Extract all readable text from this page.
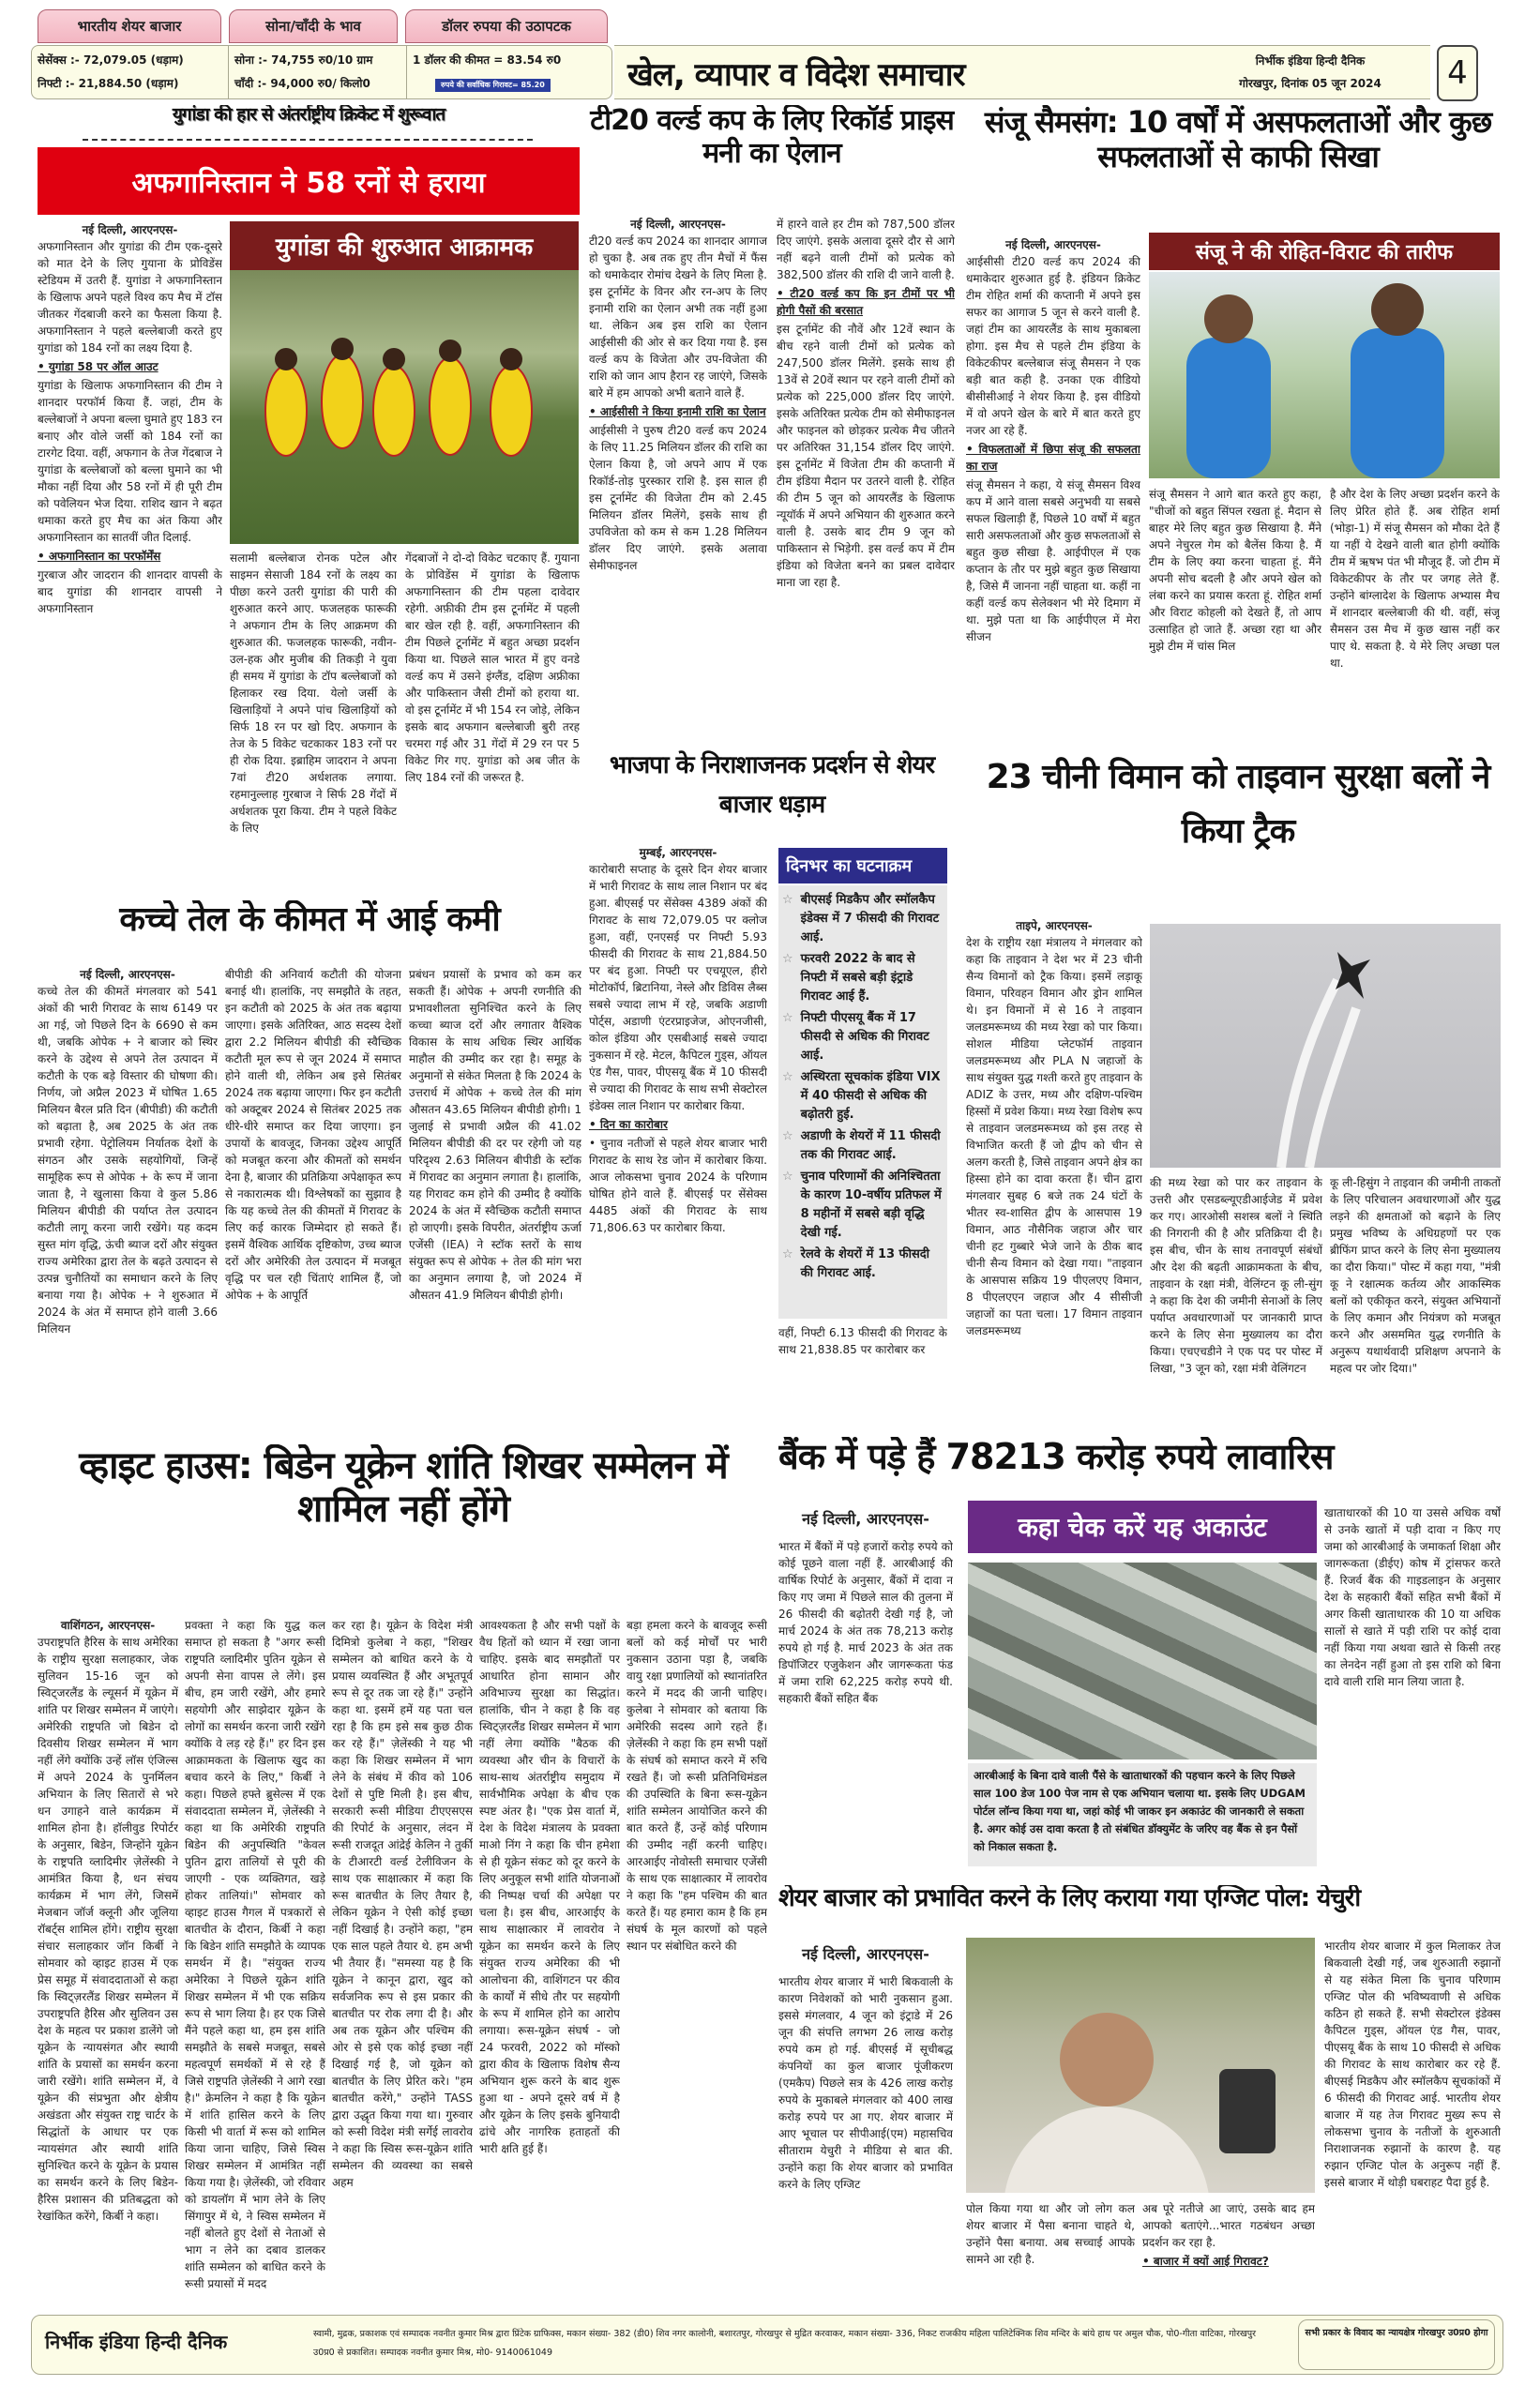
भारतीय शेयर बाजार	सोना/चाँदी के भाव	डॉलर रुपया की उठापटक
सेसेंक्स :- 72,079.05 (धड़ाम)
निफ्टी :- 21,884.50 (धड़ाम)
सोना :- 74,755 रु0/10 ग्राम
चाँदी :- 94,000 रु0/ किलो0
1 डॉलर की कीमत = 83.54 रु0
रुपये की सर्वाधिक गिरावट= 85.20	खेल, व्यापार व विदेश समाचार	निर्भीक इंडिया हिन्दी दैनिक
गोरखपुर, दिनांक 05 जून 2024	4
युगांडा की हार से अंतर्राष्ट्रीय क्रिकेट में शुरूवात
अफगानिस्तान ने 58 रनों से हराया
युगांडा की शुरुआत आक्रामक
नई दिल्ली, आरएनएस-
अफगानिस्तान और युगांडा की टीम एक-दूसरे को मात देने के लिए गुयाना के प्रोविडेंस स्टेडियम में उतरी हैं. युगांडा ने अफगानिस्तान के खिलाफ अपने पहले विश्व कप मैच में टॉस जीतकर गेंदबाजी करने का फैसला किया है. अफगानिस्तान ने पहले बल्लेबाजी करते हुए युगांडा को 184 रनों का लक्ष्य दिया है.
• युगांडा 58 पर ऑल आउट
युगांडा के खिलाफ अफगानिस्तान की टीम ने शानदार परफॉर्म किया हैं. जहां, टीम के बल्लेबाजों ने अपना बल्ला घुमाते हुए 183 रन बनाए और वोले जर्सी को 184 रनों का टारगेट दिया. वहीं, अफगान के तेज गेंदबाज ने युगांडा के बल्लेबाजों को बल्ला घुमाने का भी मौका नहीं दिया और 58 रनों में ही पूरी टीम को पवेलियन भेज दिया. राशिद खान ने बढ़त धमाका करते हुए मैच का अंत किया और अफगानिस्तान का सातवीं जीत दिलाई.
• अफगानिस्तान का परफॉर्मेंस
गुरबाज और जादरान की शानदार वापसी के बाद युगांडा की शानदार वापसी ने अफगानिस्तान
सलामी बल्लेबाज रोनक पटेल और साइमन सेसाजी 184 रनों के लक्ष्य का पीछा करने उतरी युगांडा की पारी की शुरुआत करने आए. फजलहक फारूकी ने अफगान टीम के लिए आक्रमण की शुरुआत की. फजलहक फारूकी, नवीन-उल-हक और मुजीब की तिकड़ी ने युवा ही समय में युगांडा के टॉप बल्लेबाजों को हिलाकर रख दिया. येलो जर्सी के खिलाड़ियों ने अपने पांच खिलाड़ियों को सिर्फ 18 रन पर खो दिए. अफगान के तेज के 5 विकेट चटकाकर 183 रनों पर ही रोक दिया. इब्राहिम जादरान ने अपना 7वां टी20 अर्धशतक लगाया. रहमानुल्लाह गुरबाज ने सिर्फ 28 गेंदों में अर्धशतक पूरा किया. टीम ने पहले विकेट के लिए
गेंदबाजों ने दो-दो विकेट चटकाए हैं. गुयाना के प्रोविडेंस में युगांडा के खिलाफ अफगानिस्तान की टीम पहला दावेदार रहेगी. अफ़ीकी टीम इस टूर्नामेंट में पहली बार खेल रही है. वहीं, अफगानिस्तान की टीम पिछले टूर्नामेंट में बहुत अच्छा प्रदर्शन किया था. पिछले साल भारत में हुए वनडे वर्ल्ड कप में उसने इंग्लैंड, दक्षिण अफ्रीका और पाकिस्तान जैसी टीमों को हराया था. वो इस टूर्नामेंट में भी 154 रन जोड़े, लेकिन इसके बाद अफगान बल्लेबाजी बुरी तरह चरमरा गई और 31 गेंदों में 29 रन पर 5 विकेट गिर गए. युगांडा को अब जीत के लिए 184 रनों की जरूरत है.
टी20 वर्ल्ड कप के लिए रिकॉर्ड प्राइस मनी का ऐलान
नई दिल्ली, आरएनएस-
टी20 वर्ल्ड कप 2024 का शानदार आगाज हो चुका है. अब तक हुए तीन मैचों में फैंस को धमाकेदार रोमांच देखने के लिए मिला है. इस टूर्नामेंट के विनर और रन-अप के लिए इनामी राशि का ऐलान अभी तक नहीं हुआ था. लेकिन अब इस राशि का ऐलान आईसीसी की ओर से कर दिया गया है. इस वर्ल्ड कप के विजेता और उप-विजेता की राशि को जान आप हैरान रह जाएंगे, जिसके बारे में हम आपको अभी बताने वाले हैं.
• आईसीसी ने किया इनामी राशि का ऐलान
आईसीसी ने पुरुष टी20 वर्ल्ड कप 2024 के लिए 11.25 मिलियन डॉलर की राशि का ऐलान किया है, जो अपने आप में एक रिकॉर्ड-तोड़ पुरस्कार राशि है. इस साल ही इस टूर्नामेंट की विजेता टीम को 2.45 मिलियन डॉलर मिलेंगे, इसके साथ ही उपविजेता को कम से कम 1.28 मिलियन डॉलर दिए जाएंगे. इसके अलावा सेमीफाइनल
में हारने वाले हर टीम को 787,500 डॉलर दिए जाएंगे. इसके अलावा दूसरे दौर से आगे नहीं बढ़ने वाली टीमों को प्रत्येक को 382,500 डॉलर की राशि दी जाने वाली है.
• टी20 वर्ल्ड कप कि इन टीमों पर भी होगी पैसों की बरसात
इस टूर्नामेंट की नौवें और 12वें स्थान के बीच रहने वाली टीमों को प्रत्येक को 247,500 डॉलर मिलेंगे. इसके साथ ही 13वें से 20वें स्थान पर रहने वाली टीमों को प्रत्येक को 225,000 डॉलर दिए जाएंगे. इसके अतिरिक्त प्रत्येक टीम को सेमीफाइनल और फाइनल को छोड़कर प्रत्येक मैच जीतने पर अतिरिक्त 31,154 डॉलर दिए जाएंगे. इस टूर्नामेंट में विजेता टीम की कप्तानी में टीम इंडिया मैदान पर उतरने वाली है. रोहित की टीम 5 जून को आयरलैंड के खिलाफ न्यूयॉर्क में अपने अभियान की शुरुआत करने वाली है. उसके बाद टीम 9 जून को पाकिस्तान से भिड़ेगी. इस वर्ल्ड कप में टीम इंडिया को विजेता बनने का प्रबल दावेदार माना जा रहा है.
संजू सैमसंग: 10 वर्षों में असफलताओं और कुछ सफलताओं से काफी सिखा
संजू ने की रोहित-विराट की तारीफ
नई दिल्ली, आरएनएस-
आईसीसी टी20 वर्ल्ड कप 2024 की धमाकेदार शुरुआत हुई है. इंडियन क्रिकेट टीम रोहित शर्मा की कप्तानी में अपने इस सफर का आगाज 5 जून से करने वाली है. जहां टीम का आयरलैंड के साथ मुकाबला होगा. इस मैच से पहले टीम इंडिया के विकेटकीपर बल्लेबाज संजू सैमसन ने एक बड़ी बात कही है. उनका एक वीडियो बीसीसीआई ने शेयर किया है. इस वीडियो में वो अपने खेल के बारे में बात करते हुए नजर आ रहे हैं.
• विफलताओं में छिपा संजू की सफलता का राज
संजू सैमसन ने कहा, ये संजू सैमसन विश्व कप में आने वाला सबसे अनुभवी या सबसे सफल खिलाड़ी हैं, पिछले 10 वर्षों में बहुत सारी असफलताओं और कुछ सफलताओं से बहुत कुछ सीखा है. आईपीएल में एक कप्तान के तौर पर मुझे बहुत कुछ सिखाया है, जिसे मैं जानना नहीं चाहता था. कहीं ना कहीं वर्ल्ड कप सेलेक्शन भी मेरे दिमाग में था. मुझे पता था कि आईपीएल में मेरा सीजन
संजू सैमसन ने आगे बात करते हुए कहा, "चीजों को बहुत सिंपल रखता हूं. मैदान से बाहर मेरे लिए बहुत कुछ सिखाया है. मैंने अपने नेचुरल गेम को बैलेंस किया है. मैं टीम के लिए क्या करना चाहता हूं. मैंने अपनी सोच बदली है और अपने खेल को लंबा करने का प्रयास करता हूं. रोहित शर्मा और विराट कोहली को देखते हैं, तो आप उत्साहित हो जाते हैं. अच्छा रहा था और मुझे टीम में चांस मिल
है और देश के लिए अच्छा प्रदर्शन करने के लिए प्रेरित होते हैं. अब रोहित शर्मा (भोड़ा-1) में संजू सैमसन को मौका देते हैं या नहीं ये देखने वाली बात होगी क्योंकि टीम में ऋषभ पंत भी मौजूद हैं. जो टीम में विकेटकीपर के तौर पर जगह लेते हैं. उन्होंने बांग्लादेश के खिलाफ अभ्यास मैच में शानदार बल्लेबाजी की थी. वहीं, संजू सैमसन उस मैच में कुछ खास नहीं कर पाए थे. सकता है. ये मेरे लिए अच्छा पल था.
कच्चे तेल के कीमत में आई कमी
नई दिल्ली, आरएनएस-
कच्चे तेल की कीमतें मंगलवार को 541 अंकों की भारी गिरावट के साथ 6149 पर आ गई, जो पिछले दिन के 6690 से कम थी, जबकि ओपेक + ने बाजार को स्थिर करने के उद्देश्य से अपने तेल उत्पादन में कटौती के एक बड़े विस्तार की घोषणा की। निर्णय, जो अप्रैल 2023 में घोषित 1.65 मिलियन बैरल प्रति दिन (बीपीडी) की कटौती को बढ़ाता है, अब 2025 के अंत तक प्रभावी रहेगा. पेट्रोलियम निर्यातक देशों के संगठन और उसके सहयोगियों, जिन्हें सामूहिक रूप से ओपेक + के रूप में जाना जाता है, ने खुलासा किया वे कुल 5.86 मिलियन बीपीडी की पर्याप्त तेल उत्पादन कटौती लागू करना जारी रखेंगे। यह कदम सुस्त मांग वृद्धि, ऊंची ब्याज दरों और संयुक्त राज्य अमेरिका द्वारा तेल के बढ़ते उत्पादन से उत्पन्न चुनौतियों का समाधान करने के लिए बनाया गया है। ओपेक + ने शुरुआत में 2024 के अंत में समाप्त होने वाली 3.66 मिलियन
बीपीडी की अनिवार्य कटौती की योजना बनाई थी। हालांकि, नए समझौते के तहत, इन कटौती को 2025 के अंत तक बढ़ाया जाएगा। इसके अतिरिक्त, आठ सदस्य देशों द्वारा 2.2 मिलियन बीपीडी की स्वैच्छिक कटौती मूल रूप से जून 2024 में समाप्त होने वाली थी, लेकिन अब इसे सितंबर 2024 तक बढ़ाया जाएगा। फिर इन कटौती को अक्टूबर 2024 से सितंबर 2025 तक धीरे-धीरे समाप्त कर दिया जाएगा। इन उपायों के बावजूद, जिनका उद्देश्य आपूर्ति को मजबूत करना और कीमतों को समर्थन देना है, बाजार की प्रतिक्रिया अपेक्षाकृत रूप से नकारात्मक थी। विश्लेषकों का सुझाव है कि यह कच्चे तेल की कीमतों में गिरावट के लिए कई कारक जिम्मेदार हो सकते हैं। इसमें वैश्विक आर्थिक दृष्टिकोण, उच्च ब्याज दरों और अमेरिकी तेल उत्पादन में मजबूत वृद्धि पर चल रही चिंताएं शामिल हैं, जो ओपेक + के आपूर्ति
प्रबंधन प्रयासों के प्रभाव को कम कर सकती हैं। ओपेक + अपनी रणनीति की प्रभावशीलता सुनिश्चित करने के लिए कच्चा ब्याज दरों और लगातार वैश्विक विकास के साथ अधिक स्थिर आर्थिक माहौल की उम्मीद कर रहा है। समूह के अनुमानों से संकेत मिलता है कि 2024 के उत्तरार्ध में ओपेक + कच्चे तेल की मांग औसतन 43.65 मिलियन बीपीडी होगी। 1 जुलाई से प्रभावी अप्रैल की 41.02 मिलियन बीपीडी की दर पर रहेगी जो यह परिदृश्य 2.63 मिलियन बीपीडी के स्टॉक में गिरावट का अनुमान लगाता है। हालांकि, यह गिरावट कम होने की उम्मीद है क्योंकि 2024 के अंत में स्वैच्छिक कटौती समाप्त हो जाएगी। इसके विपरीत, अंतर्राष्ट्रीय ऊर्जा एजेंसी (IEA) ने स्टॉक स्तरों के साथ संयुक्त रूप से ओपेक + तेल की मांग भरा का अनुमान लगाया है, जो 2024 में औसतन 41.9 मिलियन बीपीडी होगी।
भाजपा के निराशाजनक प्रदर्शन से शेयर बाजार धड़ाम
मुम्बई, आरएनएस-
कारोबारी सप्ताह के दूसरे दिन शेयर बाजार में भारी गिरावट के साथ लाल निशान पर बंद हुआ. बीएसई पर सेंसेक्स 4389 अंकों की गिरावट के साथ 72,079.05 पर क्लोज हुआ, वहीं, एनएसई पर निफ्टी 5.93 फीसदी की गिरावट के साथ 21,884.50 पर बंद हुआ. निफ्टी पर एचयूएल, हीरो मोटोकॉर्प, ब्रिटानिया, नेस्ले और डिविस लैब्स सबसे ज्यादा लाभ में रहे, जबकि अडाणी पोर्ट्स, अडाणी एंटरप्राइजेज, ओएनजीसी, कोल इंडिया और एसबीआई सबसे ज्यादा नुकसान में रहे. मेटल, कैपिटल गुड्स, ऑयल एंड गैस, पावर, पीएसयू बैंक में 10 फीसदी से ज्यादा की गिरावट के साथ सभी सेक्टोरल इंडेक्स लाल निशान पर कारोबार किया.
• दिन का कारोबार
• चुनाव नतीजों से पहले शेयर बाजार भारी गिरावट के साथ रेड जोन में कारोबार किया. आज लोकसभा चुनाव 2024 के परिणाम घोषित होने वाले हैं. बीएसई पर सेंसेक्स 4485 अंकों की गिरावट के साथ 71,806.63 पर कारोबार किया.
दिनभर का घटनाक्रम
☆ बीएसई मिडकैप और स्मॉलकैप इंडेक्स में 7 फीसदी की गिरावट आई.
☆ फरवरी 2022 के बाद से निफ्टी में सबसे बड़ी इंट्राडे गिरावट आई हैं.
☆ निफ्टी पीएसयू बैंक में 17 फीसदी से अधिक की गिरावट आई.
☆ अस्थिरता सूचकांक इंडिया VIX में 40 फीसदी से अधिक की बढ़ोतरी हुई.
☆ अडाणी के शेयरों में 11 फीसदी तक की गिरावट आई.
☆ चुनाव परिणामों की अनिश्चितता के कारण 10-वर्षीय प्रतिफल में 8 महीनों में सबसे बड़ी वृद्धि देखी गई.
☆ रेलवे के शेयरों में 13 फीसदी की गिरावट आई.
वहीं, निफ्टी 6.13 फीसदी की गिरावट के साथ 21,838.85 पर कारोबार कर
23 चीनी विमान को ताइवान सुरक्षा बलों ने किया ट्रैक
ताइपे, आरएनएस-
देश के राष्ट्रीय रक्षा मंत्रालय ने मंगलवार को कहा कि ताइवान ने देश भर में 23 चीनी सैन्य विमानों को ट्रैक किया। इसमें लड़ाकू विमान, परिवहन विमान और ड्रोन शामिल थे। इन विमानों में से 16 ने ताइवान जलडमरूमध्य की मध्य रेखा को पार किया। सोशल मीडिया प्लेटफॉर्म ताइवान जलडमरूमध्य और PLA N जहाजों के साथ संयुक्त युद्ध गश्ती करते हुए ताइवान के ADIZ के उत्तर, मध्य और दक्षिण-पश्चिम हिस्सों में प्रवेश किया। मध्य रेखा विशेष रूप से ताइवान जलडमरूमध्य को इस तरह से विभाजित करती हैं जो द्वीप को चीन से अलग करती है, जिसे ताइवान अपने क्षेत्र का हिस्सा होने का दावा करता हैं। चीन द्वारा मंगलवार सुबह 6 बजे तक 24 घंटों के भीतर स्व-शासित द्वीप के आसपास 19 विमान, आठ नौसैनिक जहाज और चार चीनी हट गुब्बारे भेजे जाने के ठीक बाद चीनी सैन्य विमान को देखा गया। "ताइवान के आसपास सक्रिय 19 पीएलएए विमान, 8 पीएलएएन जहाज और 4 सीसीजी जहाजों का पता चला। 17 विमान ताइवान जलडमरूमध्य
की मध्य रेखा को पार कर ताइवान के उत्तरी और एसडब्ल्यूएडीआईजेड में प्रवेश कर गए। आरओसी सशस्त्र बलों ने स्थिति की निगरानी की है और प्रतिक्रिया दी है। इस बीच, चीन के साथ तनावपूर्ण संबंधों और देश की बढ़ती आक्रामकता के बीच, ताइवान के रक्षा मंत्री, वेलिंग्टन कू ली-सुंग ने कहा कि देश की जमीनी सेनाओं के लिए पर्याप्त अवधारणाओं पर जानकारी प्राप्त करने के लिए सेना मुख्यालय का दौरा किया। एचएचडीने ने एक पद पर पोस्ट में लिखा, "3 जून को, रक्षा मंत्री वेलिंगटन
कू ली-हिसुंग ने ताइवान की जमीनी ताकतों के लिए परिचालन अवधारणाओं और युद्ध लड़ने की क्षमताओं को बढ़ाने के लिए प्रमुख भविष्य के अधिग्रहणों पर एक ब्रीफिंग प्राप्त करने के लिए सेना मुख्यालय का दौरा किया।" पोस्ट में कहा गया, "मंत्री कू ने रक्षात्मक कर्तव्य और आकस्मिक बलों को एकीकृत करने, संयुक्त अभियानों के लिए कमान और नियंत्रण को मजबूत करने और असममित युद्ध रणनीति के अनुरूप यथार्थवादी प्रशिक्षण अपनाने के महत्व पर जोर दिया।"
व्हाइट हाउस: बिडेन यूक्रेन शांति शिखर सम्मेलन में शामिल नहीं होंगे
वाशिंगठन, आरएनएस-
उपराष्ट्रपति हैरिस के साथ अमेरिका के राष्ट्रीय सुरक्षा सलाहकार, जेक सुलिवन 15-16 जून को स्विट्जरलैंड के ल्यूसर्न में यूक्रेन में शांति पर शिखर सम्मेलन में जाएंगे। अमेरिकी राष्ट्रपति जो बिडेन दो दिवसीय शिखर सम्मेलन में भाग नहीं लेंगे क्योंकि उन्हें लॉस एंजिल्स में अपने 2024 के पुनर्मिलन अभियान के लिए सितारों से भरे धन उगाहने वाले कार्यक्रम में शामिल होना है। हॉलीवुड रिपोर्टर के अनुसार, बिडेन, जिन्होंने यूक्रेन के राष्ट्रपति व्लादिमीर ज़ेलेंस्की ने आमंत्रित किया है, धन संचय कार्यक्रम में भाग लेंगे, जिसमें मेजबान जॉर्ज क्लूनी और जूलिया रॉबर्ट्स शामिल होंगे। राष्ट्रीय सुरक्षा संचार सलाहकार जॉन किर्बी ने सोमवार को व्हाइट हाउस में एक प्रेस समूह में संवाददाताओं से कहा कि स्विट्ज़रलैंड शिखर सम्मेलन में उपराष्ट्रपति हैरिस और सुलिवन उस देश के महत्व पर प्रकाश डालेंगे जो यूक्रेन के न्यायसंगत और स्थायी शांति के प्रयासों का समर्थन करना जारी रखेंगे। शांति सम्मेलन में, वे यूक्रेन की संप्रभुता और क्षेत्रीय अखंडता और संयुक्त राष्ट्र चार्टर के सिद्धांतों के आधार पर एक न्यायसंगत और स्थायी शांति सुनिश्चित करने के यूक्रेन के प्रयास का समर्थन करने के लिए बिडेन-हैरिस प्रशासन की प्रतिबद्धता को रेखांकित करेंगे, किर्बी ने कहा।
प्रवक्ता ने कहा कि युद्ध कल समाप्त हो सकता है "अगर रूसी राष्ट्रपति व्लादिमीर पुतिन यूक्रेन से अपनी सेना वापस ले लेंगे। इस बीच, हम जारी रखेंगे, और हमारे सहयोगी और साझेदार यूक्रेन के लोगों का समर्थन करना जारी रखेंगे क्योंकि वे लड़ रहे हैं।" हर दिन इस आक्रामकता के खिलाफ खुद का बचाव करने के लिए," किर्बी ने कहा। पिछले हफ्ते ब्रुसेल्स में एक संवाददाता सम्मेलन में, ज़ेलेंस्की ने कहा था कि अमेरिकी राष्ट्रपति बिडेन की अनुपस्थिति "केवल पुतिन द्वारा तालियों से पूरी की जाएगी - एक व्यक्तिगत, खड़े होकर तालियां।" सोमवार को व्हाइट हाउस गैगल में पत्रकारों से बातचीत के दौरान, किर्बी ने कहा कि बिडेन शांति समझौते के व्यापक समर्थन में है। "संयुक्त राज्य अमेरिका ने पिछले यूक्रेन शांति शिखर सम्मेलन में भी एक सक्रिय रूप से भाग लिया है। हर एक जिसे मैंने पहले कहा था, हम इस शांति समझौते के सबसे मजबूत, सबसे महत्वपूर्ण समर्थकों में से रहे हैं जिसे राष्ट्रपति ज़ेलेंस्की ने आगे रखा है।" क्रेमलिन ने कहा है कि यूक्रेन में शांति हासिल करने के लिए किसी भी वार्ता में रूस को शामिल किया जाना चाहिए, जिसे स्विस शिखर सम्मेलन में आमंत्रित नहीं किया गया है। ज़ेलेंस्की, जो रविवार को डायलॉग में भाग लेने के लिए सिंगापुर में थे, ने स्विस सम्मेलन में नहीं बोलते हुए देशों से नेताओं से भाग न लेने का दबाव डालकर शांति सम्मेलन को बाधित करने के रूसी प्रयासों में मदद
कर रहा है। यूक्रेन के विदेश मंत्री दिमित्रो कुलेबा ने कहा, "शिखर सम्मेलन को बाधित करने के ये प्रयास व्यवस्थित हैं और अभूतपूर्व रूप से दूर तक जा रहे हैं।" उन्होंने कहा था. इसमें हमें यह पता चल रहा है कि हम इसे सब कुछ ठीक कर रहे हैं।" ज़ेलेंस्की ने यह भी कहा कि शिखर सम्मेलन में भाग लेने के संबंध में कीव को 106 देशों से पुष्टि मिली है। इस बीच, सरकारी रूसी मीडिया टीएएसएस की रिपोर्ट के अनुसार, लंदन में रूसी राजदूत आंद्रेई केलिन ने तुर्की के टीआरटी वर्ल्ड टेलीविजन के साथ एक साक्षात्कार में कहा कि रूस बातचीत के लिए तैयार है, लेकिन यूक्रेन ने ऐसी कोई इच्छा नहीं दिखाई है। उन्होंने कहा, "हम एक साल पहले तैयार थे. हम अभी भी तैयार हैं। "समस्या यह है कि यूक्रेन ने कानून द्वारा, खुद को सर्वजनिक रूप से इस प्रकार की बातचीत पर रोक लगा दी है। और अब तक यूक्रेन और पश्चिम की ओर से इसे एक कोई इच्छा नहीं दिखाई गई है, जो यूक्रेन को बातचीत के लिए प्रेरित करे। "हम बातचीत करेंगे," उन्होंने TASS द्वारा उद्धृत किया गया था। गुरुवार को रूसी विदेश मंत्री सर्गेई लावरोव ने कहा कि स्विस रूस-यूक्रेन शांति सम्मेलन की व्यवस्था का सबसे अहम
आवश्यकता है और सभी पक्षों के वैध हितों को ध्यान में रखा जाना चाहिए. इसके बाद समझौतों पर आधारित होना सामान और अविभाज्य सुरक्षा का सिद्धांत। हालांकि, चीन ने कहा है कि वह स्विट्ज़रलैंड शिखर सम्मेलन में भाग नहीं लेगा क्योंकि "बैठक की व्यवस्था और चीन के विचारों के साथ-साथ अंतर्राष्ट्रीय समुदाय में सार्वभौमिक अपेक्षा के बीच एक स्पष्ट अंतर है। "एक प्रेस वार्ता में, देश के विदेश मंत्रालय के प्रवक्ता माओ निंग ने कहा कि चीन हमेशा से ही यूक्रेन संकट को दूर करने के लिए अनुकूल सभी शांति योजनाओं की निष्पक्ष चर्चा की अपेक्षा पर चला है। इस बीच, आरआईए के साथ साक्षात्कार में लावरोव ने यूक्रेन का समर्थन करने के लिए संयुक्त राज्य अमेरिका की भी आलोचना की, वाशिंगटन पर कीव के कार्यों में सीधे तौर पर सहयोगी के रूप में शामिल होने का आरोप लगाया। रूस-यूक्रेन संघर्ष - जो 24 फरवरी, 2022 को मॉस्को द्वारा कीव के खिलाफ विशेष सैन्य अभियान शुरू करने के बाद शुरू हुआ था - अपने दूसरे वर्ष में है और यूक्रेन के लिए इसके बुनियादी ढांचे और नागरिक हताहतों की भारी क्षति हुई हैं।
बड़ा हमला करने के बावजूद रूसी बलों को कई मोर्चों पर भारी नुकसान उठाना पड़ा है, जबकि वायु रक्षा प्रणालियों को स्थानांतरित करने में मदद की जानी चाहिए। कुलेबा ने सोमवार को बताया कि अमेरिकी सदस्य आगे रहते हैं। ज़ेलेंस्की ने कहा कि हम सभी पक्षों के संघर्ष को समाप्त करने में रुचि रखते हैं। जो रूसी प्रतिनिधिमंडल की उपस्थिति के बिना रूस-यूक्रेन शांति सम्मेलन आयोजित करने की बात करते हैं, उन्हें कोई परिणाम की उम्मीद नहीं करनी चाहिए। आरआईए नोवोस्ती समाचार एजेंसी के साथ एक साक्षात्कार में लावरोव ने कहा कि "हम पश्चिम की बात करते हैं। यह हमारा काम है कि हम संघर्ष के मूल कारणों को पहले स्थान पर संबोधित करने की
बैंक में पड़े हैं 78213 करोड़ रुपये लावारिस
नई दिल्ली, आरएनएस-
भारत में बैंकों में पड़े हजारों करोड़ रुपये को कोई पूछने वाला नहीं हैं. आरबीआई की वार्षिक रिपोर्ट के अनुसार, बैंकों में दावा न किए गए जमा में पिछले साल की तुलना में 26 फीसदी की बढ़ोतरी देखी गई है, जो मार्च 2024 के अंत तक 78,213 करोड़ रुपये हो गई है. मार्च 2023 के अंत तक डिपॉजिटर एजुकेशन और जागरूकता फंड में जमा राशि 62,225 करोड़ रुपये थी. सहकारी बैंकों सहित बैंक
कहा चेक करें यह अकाउंट
आरबीआई के बिना दावे वाली पैंसे के खाताधारकों की पहचान करने के लिए पिछले साल 100 डेज 100 पेज नाम से एक अभियान चलाया था. इसके लिए UDGAM पोर्टल लॉन्च किया गया था, जहां कोई भी जाकर इन अकाउंट की जानकारी ले सकता है. अगर कोई उस दावा करता है तो संबंधित डॉक्युमेंट के जरिए वह बैंक से इन पैसों को निकाल सकता है.
खाताधारकों की 10 या उससे अधिक वर्षों से उनके खातों में पड़ी दावा न किए गए जमा को आरबीआई के जमाकर्ता शिक्षा और जागरूकता (डीईए) कोष में ट्रांसफर करते हैं. रिजर्व बैंक की गाइडलाइन के अनुसार देश के सहकारी बैंकों सहित सभी बैंकों में अगर किसी खाताधारक की 10 या अधिक सालों से खाते में पड़ी राशि पर कोई दावा नहीं किया गया अथवा खाते से किसी तरह का लेनदेन नहीं हुआ तो इस राशि को बिना दावे वाली राशि मान लिया जाता है.
शेयर बाजार को प्रभावित करने के लिए कराया गया एग्जिट पोल: येचुरी
नई दिल्ली, आरएनएस-
भारतीय शेयर बाजार में भारी बिकवाली के कारण निवेशकों को भारी नुकसान हुआ. इससे मंगलवार, 4 जून को इंट्राडे में 26 जून की संपत्ति लगभग 26 लाख करोड़ रुपये कम हो गई. बीएसई में सूचीबद्ध कंपनियों का कुल बाजार पूंजीकरण (एमकैप) पिछले सत्र के 426 लाख करोड़ रुपये के मुकाबले मंगलवार को 400 लाख करोड़ रुपये पर आ गए. शेयर बाजार में आए भूचाल पर सीपीआई(एम) महासचिव सीताराम येचुरी ने मीडिया से बात की. उन्होंने कहा कि शेयर बाजार को प्रभावित करने के लिए एग्जिट
पोल किया गया था और जो लोग कल शेयर बाजार में पैसा बनाना चाहते थे, उन्होंने पैसा बनाया. अब सच्चाई आपके सामने आ रही है.
अब पूरे नतीजे आ जाएं, उसके बाद हम आपको बताएंगे...भारत गठबंधन अच्छा प्रदर्शन कर रहा है.
• बाजार में क्यों आई गिरावट?
भारतीय शेयर बाजार में कुल मिलाकर तेज बिकवाली देखी गई, जब शुरुआती रुझानों से यह संकेत मिला कि चुनाव परिणाम एग्जिट पोल की भविष्यवाणी से अधिक कठिन हो सकते हैं. सभी सेक्टोरल इंडेक्स कैपिटल गुड्स, ऑयल एंड गैस, पावर, पीएसयू बैंक के साथ 10 फीसदी से अधिक की गिरावट के साथ कारोबार कर रहे हैं. बीएसई मिडकैप और स्मॉलकैप सूचकांकों में 6 फीसदी की गिरावट आई. भारतीय शेयर बाजार में यह तेज गिरावट मुख्य रूप से लोकसभा चुनाव के नतीजों के शुरुआती निराशाजनक रुझानों के कारण है. यह रुझान एग्जिट पोल के अनुरूप नहीं हैं. इससे बाजार में थोड़ी घबराहट पैदा हुई है.
निर्भीक इंडिया हिन्दी दैनिक	स्वामी, मुद्रक, प्रकाशक एवं सम्पादक नवनीत कुमार मिश्र द्वारा प्रिंटेक ग्राफिक्स, मकान संख्या- 382 (डी0) शिव नगर कालोनी, बशारतपुर, गोरखपुर से मुद्रित करवाकर, मकान संख्या- 336, निकट राजकीय महिला पालिटेक्निक शिव मन्दिर के बांये हाथ पर अमुल चौक, पो0-गीता वाटिका, गोरखपुर उ0प्र0 से प्रकाशित। सम्पादक नवनीत कुमार मिश्र, मो0- 9140061049
सभी प्रकार के विवाद का न्यायक्षेत्र गोरखपुर उ0प्र0 होगा
